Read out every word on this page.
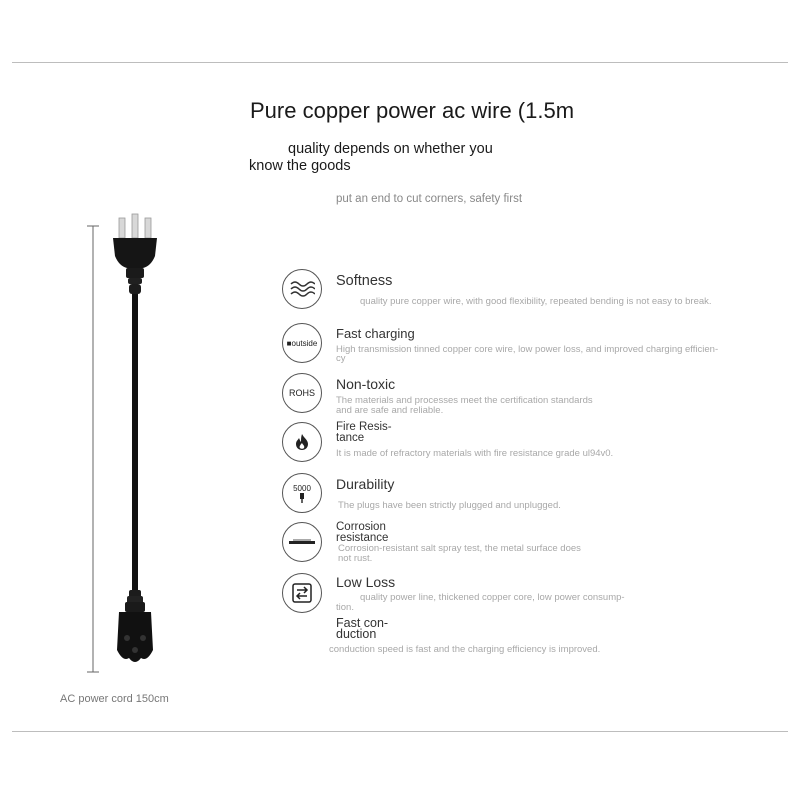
Pure copper power ac wire (1.5m
quality depends on whether you
know the goods
put an end to cut corners, safety first
AC power cord 150cm
Softness
quality pure copper wire, with good flexibility, repeated bending is not easy to break.
■outside
Fast charging
High transmission tinned copper core wire, low power loss, and improved charging efficien-
cy
ROHS
Non-toxic
The materials and processes meet the certification standards
and are safe and reliable.
Fire Resis-
tance
It is made of refractory materials with fire resistance grade ul94v0.
5000 Durability
The plugs have been strictly plugged and unplugged.
Corrosion
resistance
Corrosion-resistant salt spray test, the metal surface does
not rust.
Low Loss
quality power line, thickened copper core, low power consump-
tion.
Fast con-
duction
conduction speed is fast and the charging efficiency is improved.
